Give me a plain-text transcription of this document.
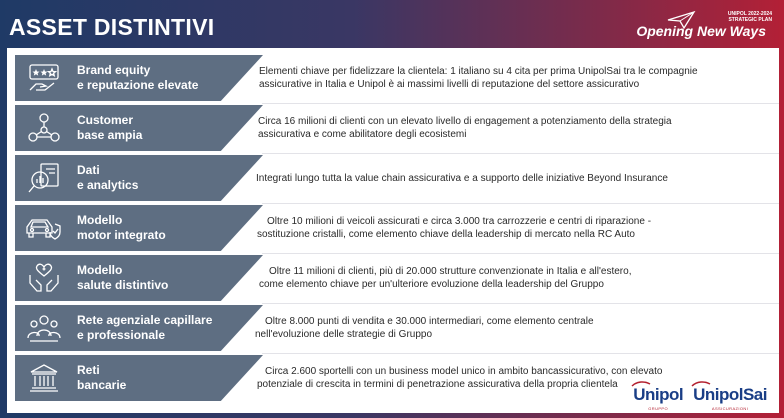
ASSET DISTINTIVI	UNIPOL 2022-2024
STRATEGIC PLAN
Opening New Ways
Brand equity
e reputazione elevate
Elementi chiave per fidelizzare la clientela: 1 italiano su 4 cita per prima UnipolSai tra le compagnie
assicurative in Italia e Unipol è ai massimi livelli di reputazione del settore assicurativo
Customer
base ampia
Circa 16 milioni di clienti con un elevato livello di engagement a potenziamento della strategia
assicurativa e come abilitatore degli ecosistemi
Dati
e analytics	Integrati lungo tutta la value chain assicurativa e a supporto delle iniziative Beyond Insurance
Modello
motor integrato
Oltre 10 milioni di veicoli assicurati e circa 3.000 tra carrozzerie e centri di riparazione -
sostituzione cristalli, come elemento chiave della leadership di mercato nella RC Auto
Modello
salute distintivo
Oltre 11 milioni di clienti, più di 20.000 strutture convenzionate in Italia e all'estero,
come elemento chiave per un'ulteriore evoluzione della leadership del Gruppo
Rete agenziale capillare
e professionale
Oltre 8.000 punti di vendita e 30.000 intermediari, come elemento centrale
nell'evoluzione delle strategie di Gruppo
Reti
bancarie
Circa 2.600 sportelli con un business model unico in ambito bancassicurativo, con elevato
potenziale di crescita in termini di penetrazione assicurativa della propria clientela
Unipol
GRUPPO
UnipolSai
ASSICURAZIONI
